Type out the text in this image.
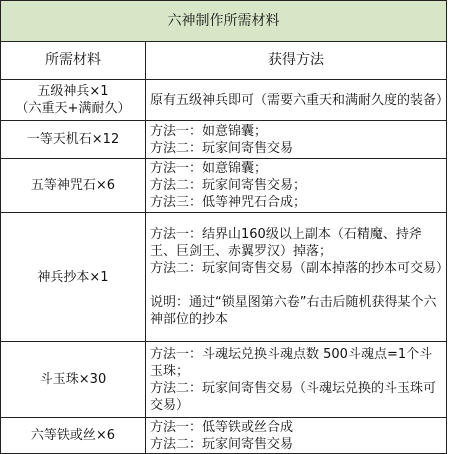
六神制作所需材料	
所需材料	获得方法

五级神兵×1
（六重天+满耐久）	原有五级神兵即可（需要六重天和满耐久度的装备）

一等天机石×12	方法一：如意锦囊；
方法二：玩家间寄售交易

五等神咒石×6	方法一：如意锦囊；
方法二：玩家间寄售交易；
方法三：低等神咒石合成；

神兵抄本×1	方法一：结界山160级以上副本（石精魔、持斧王、巨剑王、赤翼罗汉）掉落；
方法二：玩家间寄售交易（副本掉落的抄本可交易）
说明：通过“锁星图第六卷”右击后随机获得某个六神部位的抄本

斗玉珠×30	方法一：斗魂坛兑换斗魂点数 500斗魂点=1个斗玉珠；
方法二：玩家间寄售交易（斗魂坛兑换的斗玉珠可交易）

六等铁或丝×6	方法一：低等铁或丝合成
方法二：玩家间寄售交易
